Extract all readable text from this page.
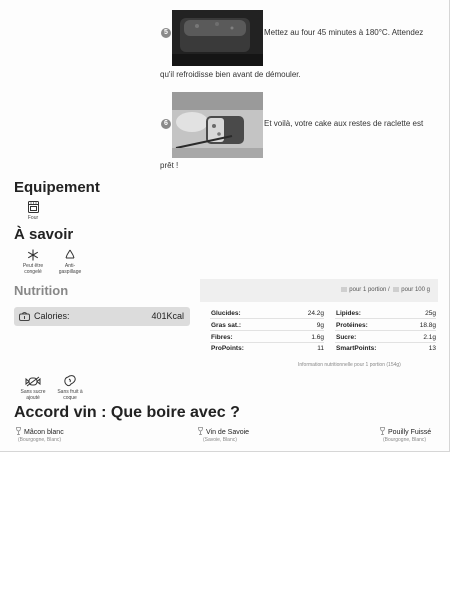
5	Mettez au four 45 minutes à 180°C. Attendez
qu'il refroidisse bien avant de démouler.
6	Et voilà, votre cake aux restes de raclette est
prêt !
Equipement
Four
À savoir
Peut être
congelé
Anti-
gaspillage
Nutrition	pour 1 portion / pour 100 g
Calories:	401Kcal	Glucides:	24.2g Lipides:	25g
Gras sat.:	9g Protéines:	18.8g
Fibres:	1.6g Sucre:	2.1g
ProPoints:	11 SmartPoints:	13
Information nutritionnelle pour 1 portion (154g)
Sans sucre
ajouté
Sans fruit à
coque
Accord vin : Que boire avec ?
Mâcon blanc
(Bourgogne, Blanc)
Vin de Savoie
(Savoie, Blanc)
Pouilly Fuissé
(Bourgogne, Blanc)
